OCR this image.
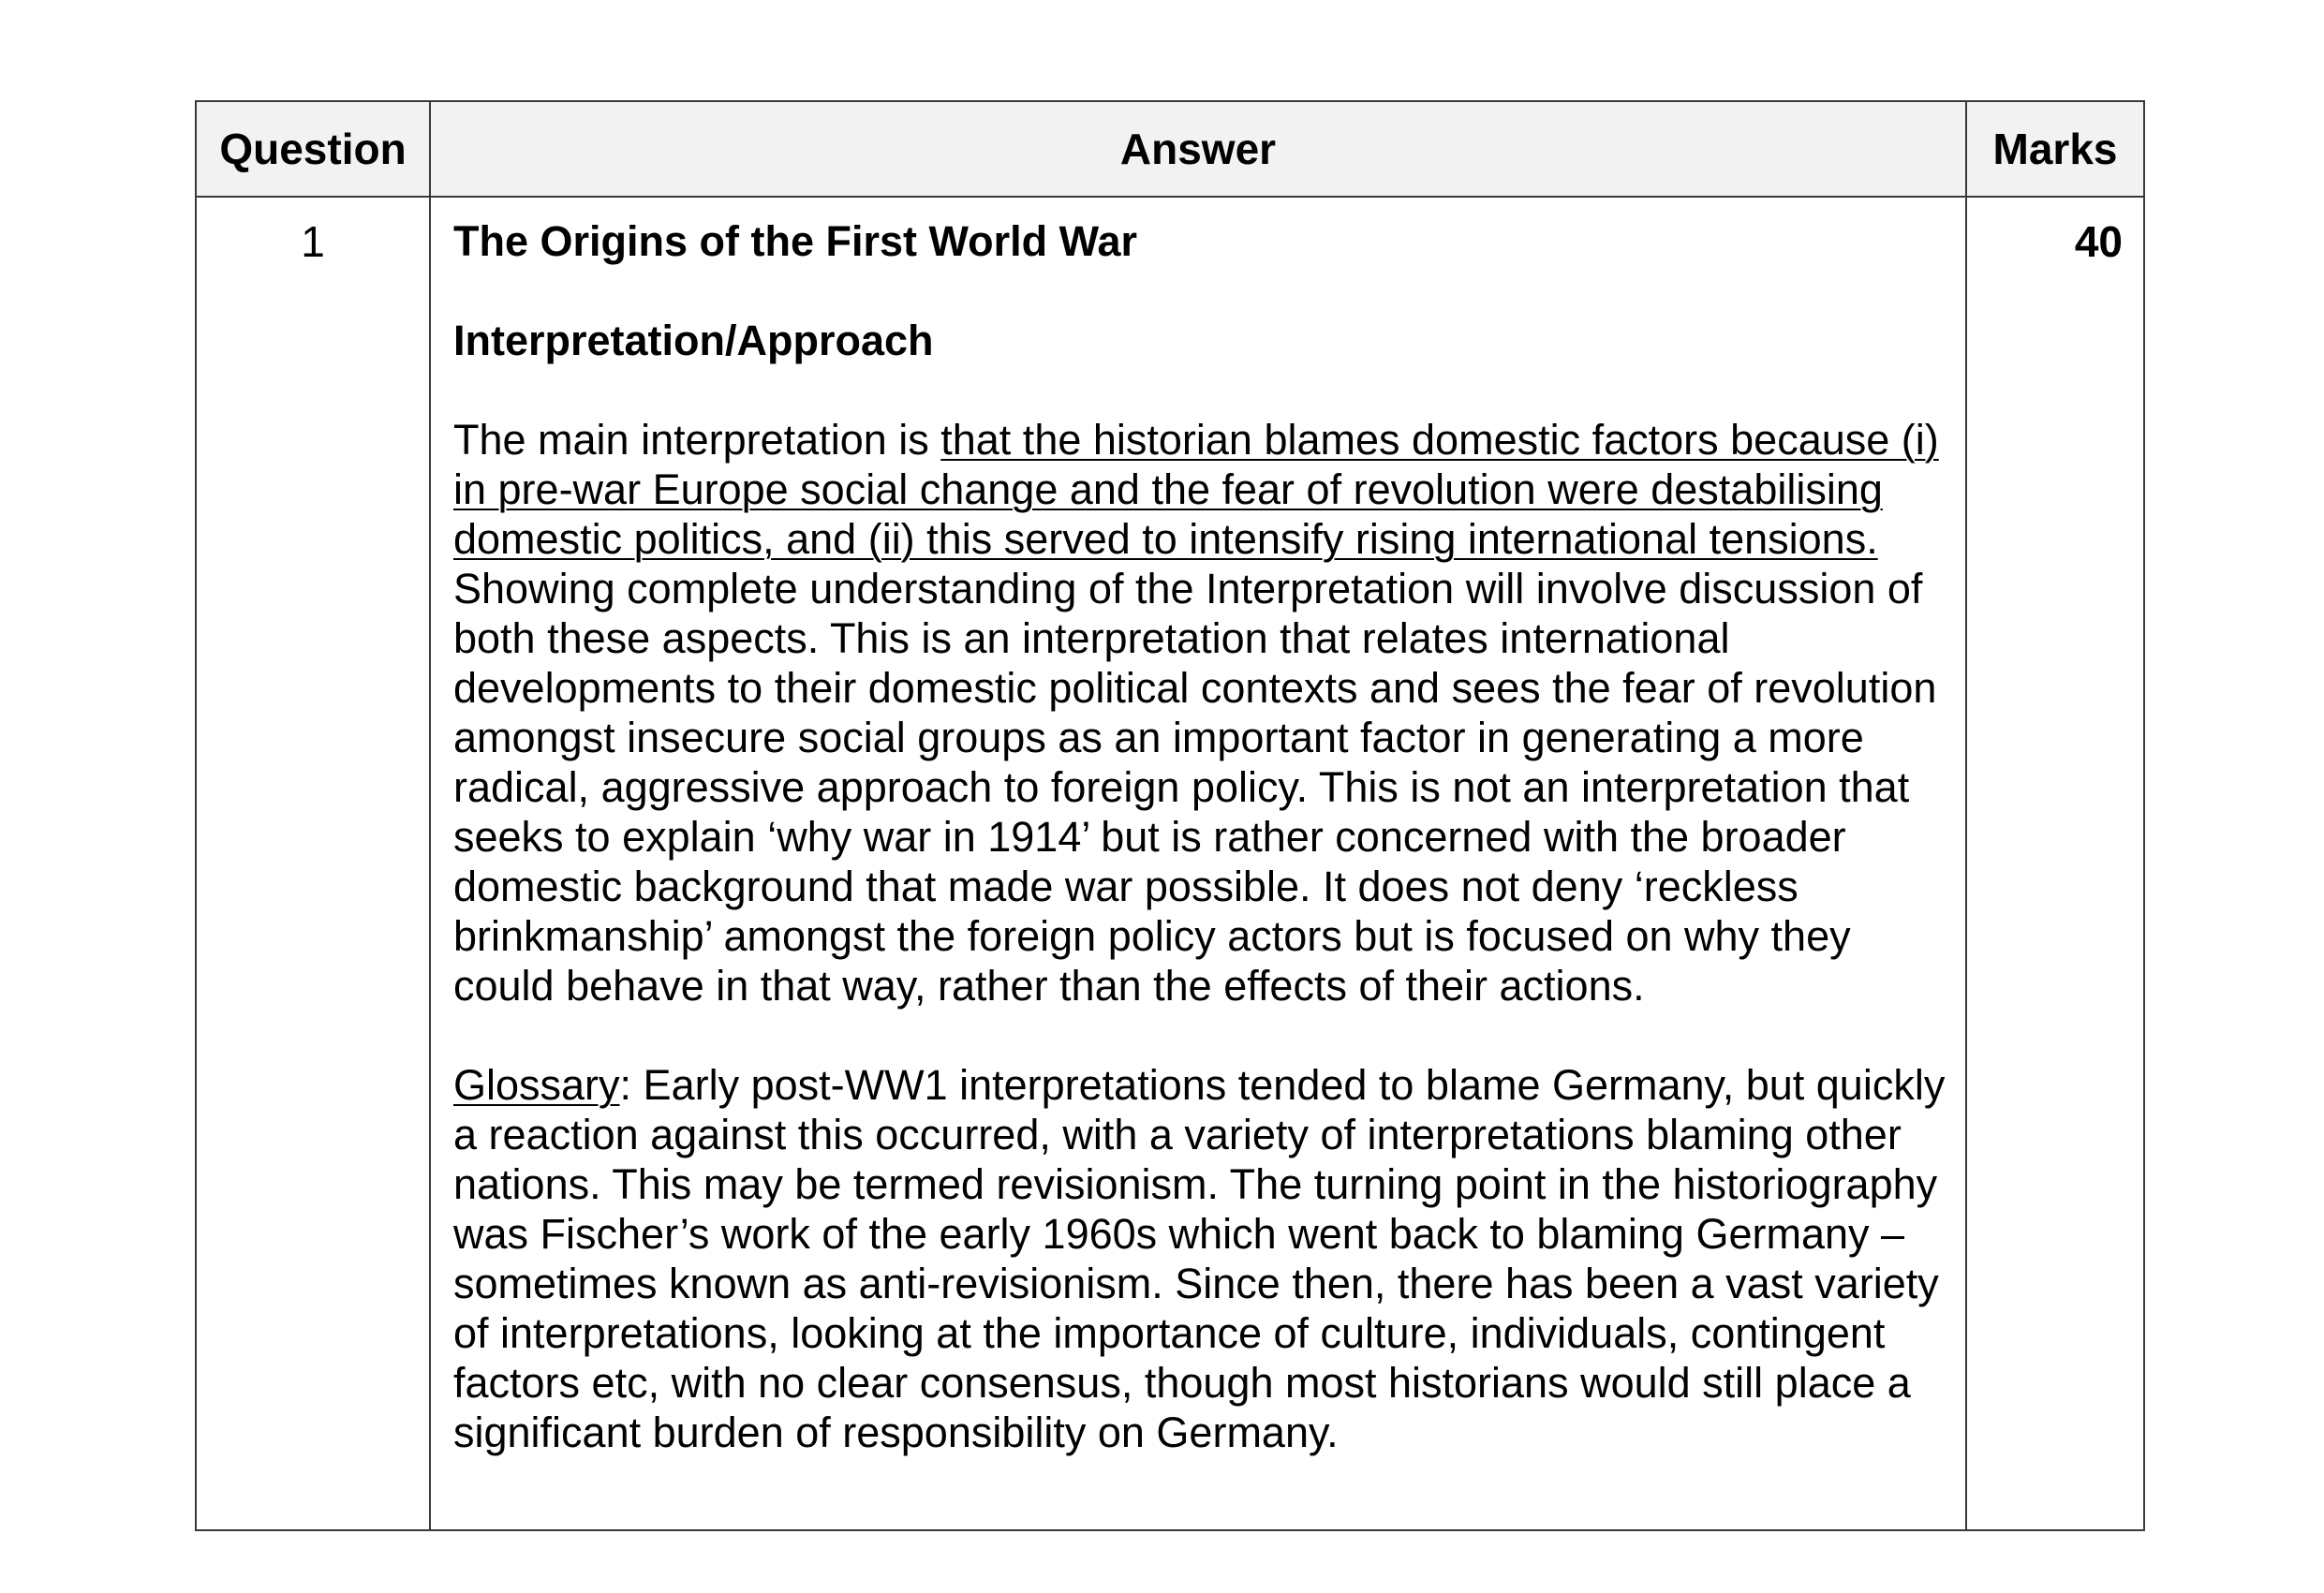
Question	Answer	Marks
1	The Origins of the First World War

Interpretation/Approach

The main interpretation is that the historian blames domestic factors because (i) in pre-war Europe social change and the fear of revolution were destabilising domestic politics, and (ii) this served to intensify rising international tensions. Showing complete understanding of the Interpretation will involve discussion of both these aspects. This is an interpretation that relates international developments to their domestic political contexts and sees the fear of revolution amongst insecure social groups as an important factor in generating a more radical, aggressive approach to foreign policy. This is not an interpretation that seeks to explain ‘why war in 1914’ but is rather concerned with the broader domestic background that made war possible. It does not deny ‘reckless brinkmanship’ amongst the foreign policy actors but is focused on why they could behave in that way, rather than the effects of their actions.

Glossary: Early post-WW1 interpretations tended to blame Germany, but quickly a reaction against this occurred, with a variety of interpretations blaming other nations. This may be termed revisionism. The turning point in the historiography was Fischer’s work of the early 1960s which went back to blaming Germany – sometimes known as anti-revisionism. Since then, there has been a vast variety of interpretations, looking at the importance of culture, individuals, contingent factors etc, with no clear consensus, though most historians would still place a significant burden of responsibility on Germany.	40
